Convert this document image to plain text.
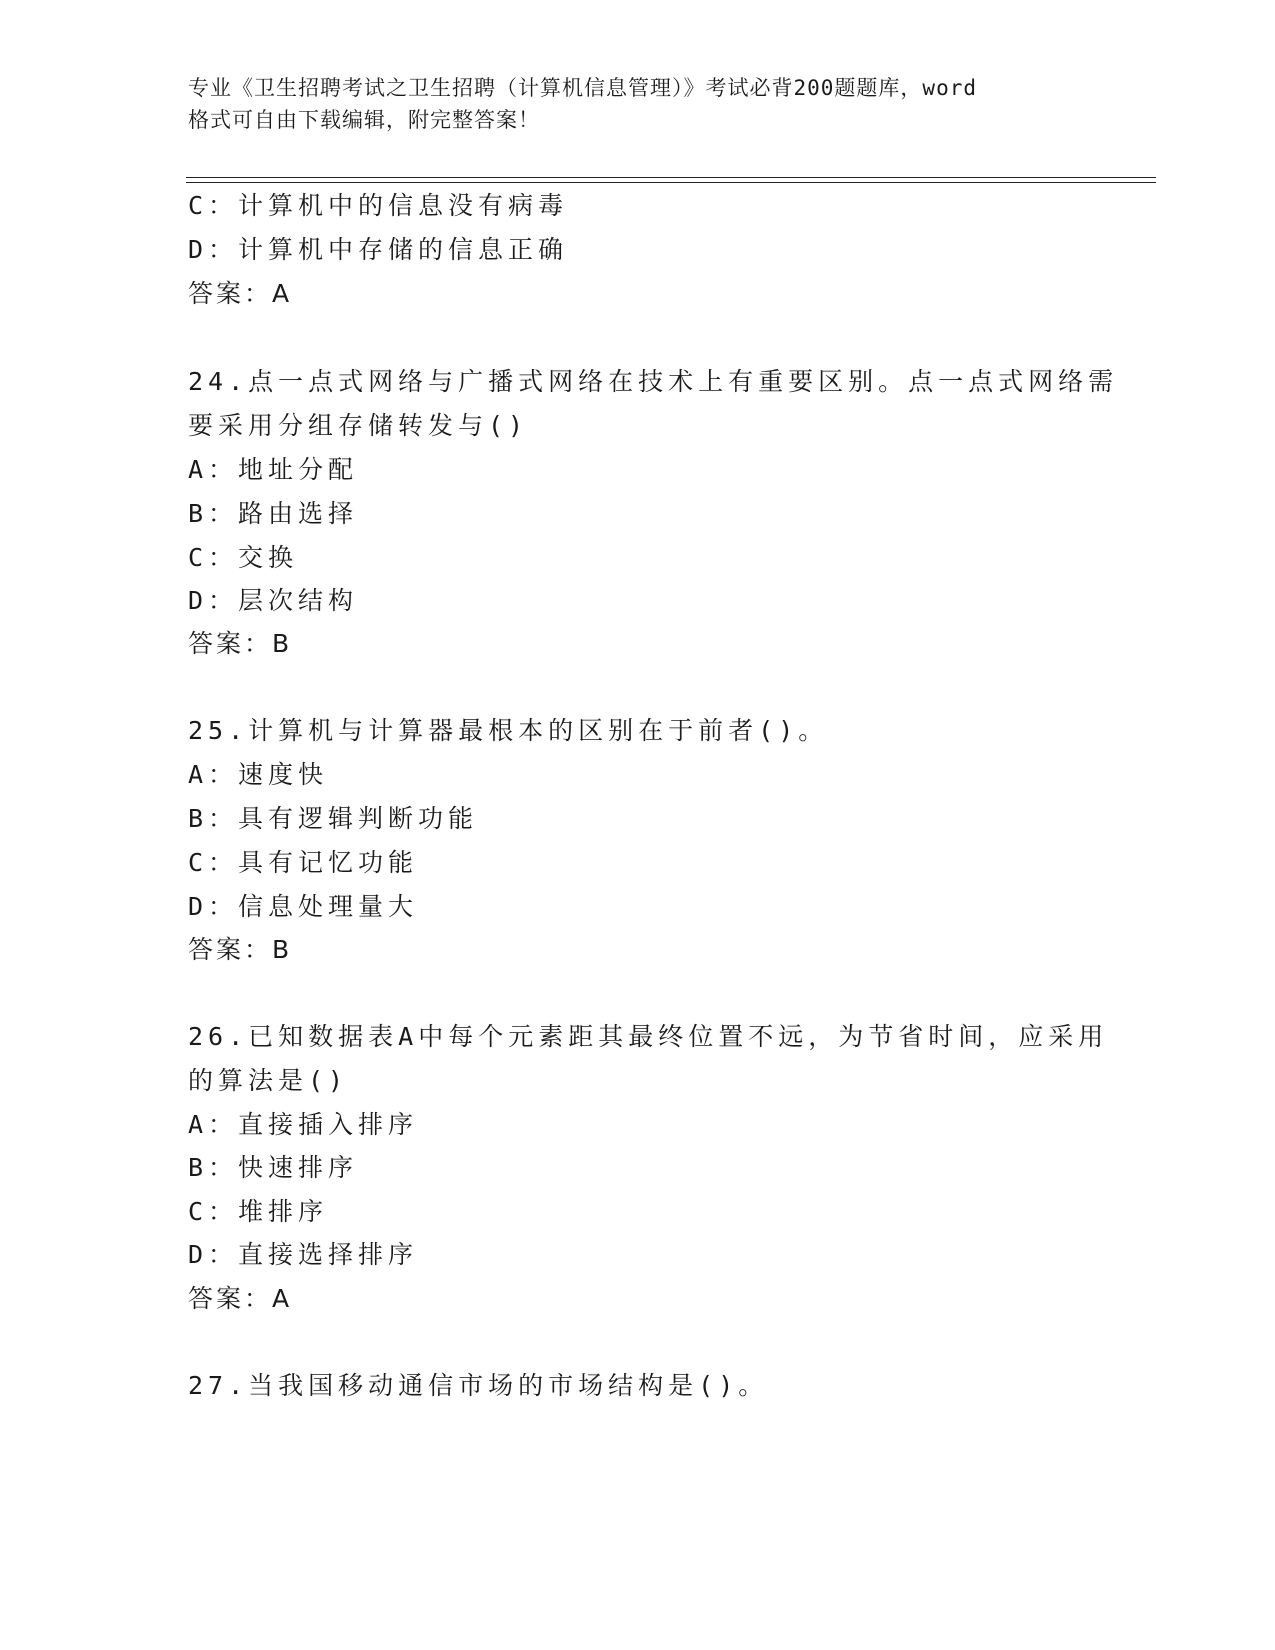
专业《卫生招聘考试之卫生招聘（计算机信息管理）》考试必背200题题库，word
格式可自由下载编辑，附完整答案！
C：计算机中的信息没有病毒
D：计算机中存储的信息正确
答案：A
24.点一点式网络与广播式网络在技术上有重要区别。点一点式网络需
要采用分组存储转发与()
A：地址分配
B：路由选择
C：交换
D：层次结构
答案：B
25.计算机与计算器最根本的区别在于前者()。
A：速度快
B：具有逻辑判断功能
C：具有记忆功能
D：信息处理量大
答案：B
26.已知数据表A中每个元素距其最终位置不远，为节省时间，应采用
的算法是()
A：直接插入排序
B：快速排序
C：堆排序
D：直接选择排序
答案：A
27.当我国移动通信市场的市场结构是()。
